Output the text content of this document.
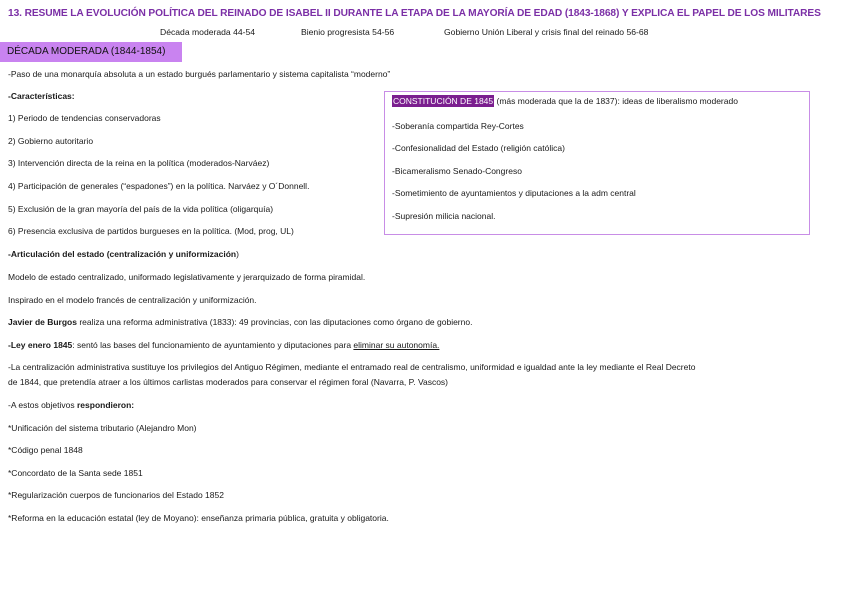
13. RESUME LA EVOLUCIÓN POLÍTICA DEL REINADO DE ISABEL II DURANTE LA ETAPA DE LA MAYORÍA DE EDAD (1843-1868) Y EXPLICA EL PAPEL DE LOS MILITARES
Década moderada 44-54	Bienio progresista 54-56	Gobierno Unión Liberal y crisis final del reinado 56-68
DÉCADA MODERADA (1844-1854)
-Paso de una monarquía absoluta a un estado burgués parlamentario y sistema capitalista “moderno”
-Características:
1) Periodo de tendencias conservadoras
2) Gobierno autoritario
3) Intervención directa de la reina en la política (moderados-Narváez)
4) Participación de generales (“espadones”) en la política. Narváez y O´Donnell.
5) Exclusión de la gran mayoría del país de la vida política (oligarquía)
6) Presencia exclusiva de partidos burgueses en la política. (Mod, prog, UL)
-Articulación del estado (centralización y uniformización)
Modelo de estado centralizado, uniformado legislativamente y jerarquizado de forma piramidal.
Inspirado en el modelo francés de centralización y uniformización.
Javier de Burgos realiza una reforma administrativa (1833): 49 provincias, con las diputaciones como órgano de gobierno.
-Ley enero 1845: sentó las bases del funcionamiento de ayuntamiento y diputaciones para eliminar su autonomía.
-La centralización administrativa sustituye los privilegios del Antiguo Régimen, mediante el entramado real de centralismo, uniformidad e igualdad ante la ley mediante el Real Decreto
de 1844, que pretendía atraer a los últimos carlistas moderados para conservar el régimen foral (Navarra, P. Vascos)
-A estos objetivos respondieron:
*Unificación del sistema tributario (Alejandro Mon)
*Código penal 1848
*Concordato de la Santa sede 1851
*Regularización cuerpos de funcionarios del Estado 1852
*Reforma en la educación estatal (ley de Moyano): enseñanza primaria pública, gratuita y obligatoria.
CONSTITUCIÓN DE 1845 (más moderada que la de 1837): ideas de liberalismo moderado
-Soberanía compartida Rey-Cortes
-Confesionalidad del Estado (religión católica)
-Bicameralismo Senado-Congreso
-Sometimiento de ayuntamientos y diputaciones a la adm central
-Supresión milicia nacional.
